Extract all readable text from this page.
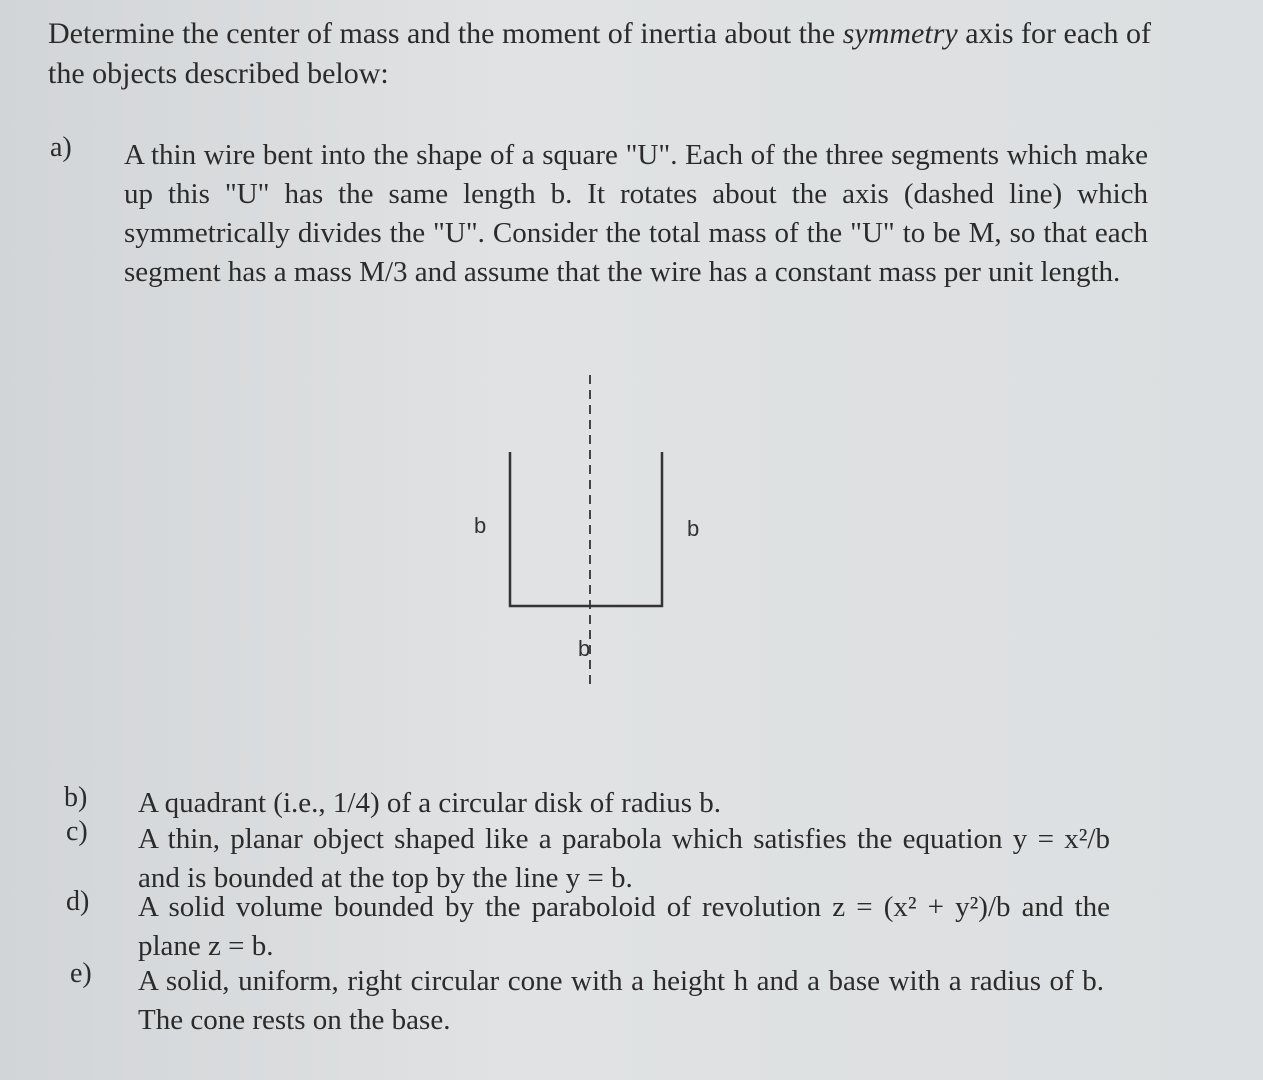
Determine the center of mass and the moment of inertia about the symmetry axis for each of the objects described below:
a) A thin wire bent into the shape of a square "U". Each of the three segments which make up this "U" has the same length b. It rotates about the axis (dashed line) which symmetrically divides the "U". Consider the total mass of the "U" to be M, so that each segment has a mass M/3 and assume that the wire has a constant mass per unit length.
b	b
b
b) A quadrant (i.e., 1/4) of a circular disk of radius b.
c) A thin, planar object shaped like a parabola which satisfies the equation y = x²/b and is bounded at the top by the line y = b.
d) A solid volume bounded by the paraboloid of revolution z = (x² + y²)/b and the plane z = b.
e) A solid, uniform, right circular cone with a height h and a base with a radius of b. The cone rests on the base.
